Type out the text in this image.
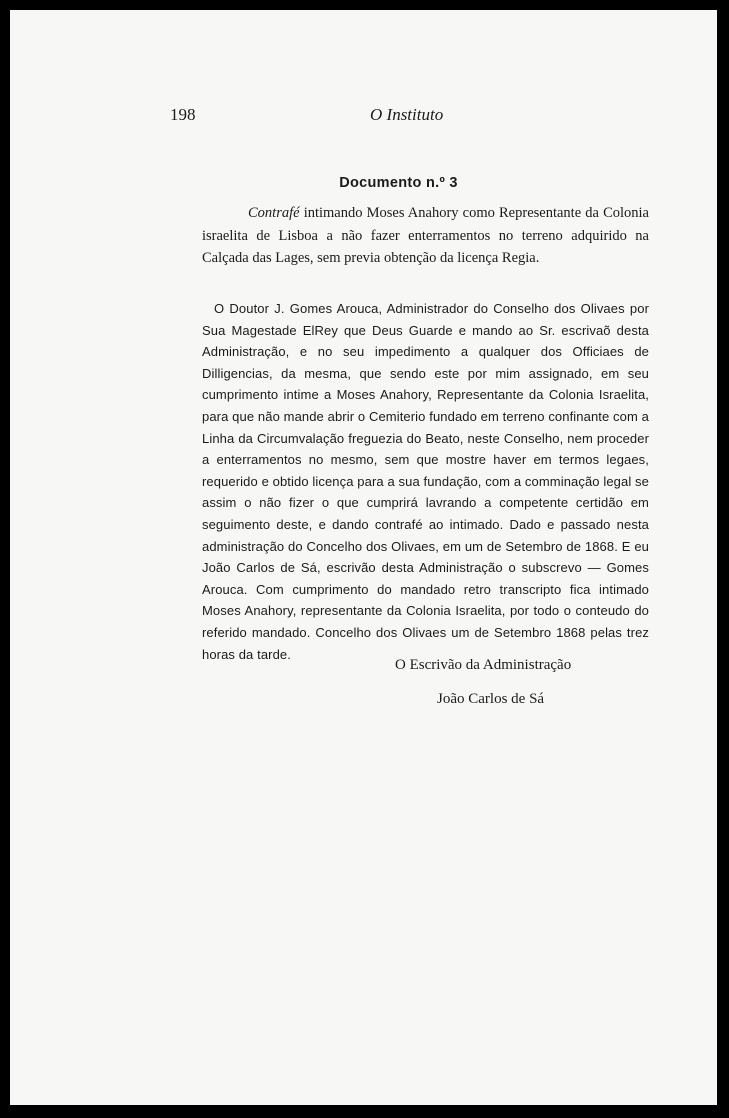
198	O Instituto
Documento n.º 3

Contrafé intimando Moses Anahory como Representante da Colonia israelita de Lisboa a não fazer enterramentos no terreno adquirido na Calçada das Lages, sem previa obtenção da licença Regia.

O Doutor J. Gomes Arouca, Administrador do Conselho dos Olivaes por Sua Magestade ElRey que Deus Guarde e mando ao Sr. escrivaõ desta Administração, e no seu impedimento a qualquer dos Officiaes de Dilligencias, da mesma, que sendo este por mim assignado, em seu cumprimento intime a Moses Anahory, Representante da Colonia Israelita, para que não mande abrir o Cemiterio fundado em terreno confinante com a Linha da Circumvalação freguezia do Beato, neste Conselho, nem proceder a enterramentos no mesmo, sem que mostre haver em termos legaes, requerido e obtido licença para a sua fundação, com a comminação legal se assim o não fizer o que cumprirá lavrando a competente certidão em seguimento deste, e dando contrafé ao intimado. Dado e passado nesta administração do Concelho dos Olivaes, em um de Setembro de 1868. E eu João Carlos de Sá, escrivão desta Administração o subscrevo — Gomes Arouca. Com cumprimento do mandado retro transcripto fica intimado Moses Anahory, representante da Colonia Israelita, por todo o conteudo do referido mandado. Concelho dos Olivaes um de Setembro 1868 pelas trez horas da tarde.

O Escrivão da Administração
João Carlos de Sá
